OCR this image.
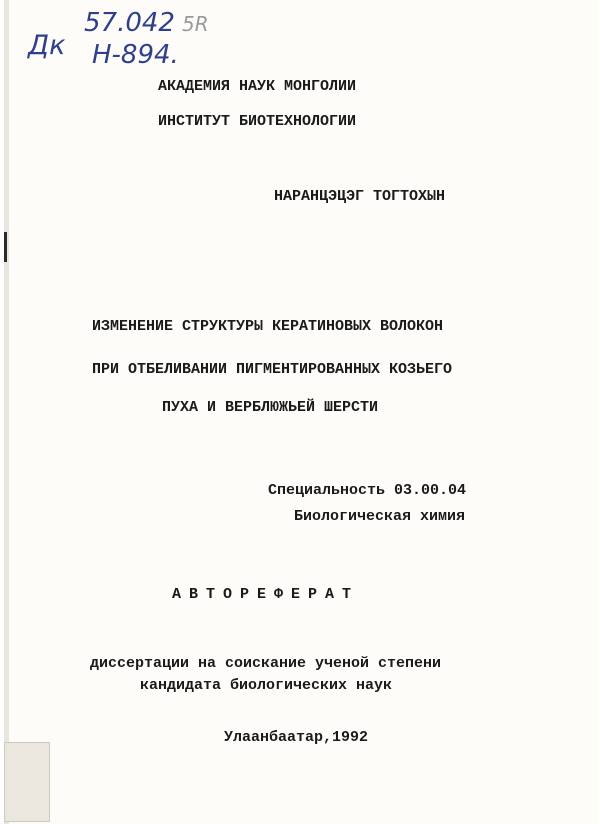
Дк
57.042 5R
Н-894.
АКАДЕМИЯ НАУК МОНГОЛИИ
ИНСТИТУТ БИОТЕХНОЛОГИИ
НАРАНЦЭЦЭГ ТОГТОХЫН
ИЗМЕНЕНИЕ СТРУКТУРЫ КЕРАТИНОВЫХ ВОЛОКОН
ПРИ ОТБЕЛИВАНИИ ПИГМЕНТИРОВАННЫХ КОЗЬЕГО
ПУХА И ВЕРБЛЮЖЬЕЙ ШЕРСТИ
Специальность 03.00.04
Биологическая химия
АВТОРЕФЕРАТ
диссертации на соискание ученой степени
кандидата биологических наук
Улаанбаатар,1992
